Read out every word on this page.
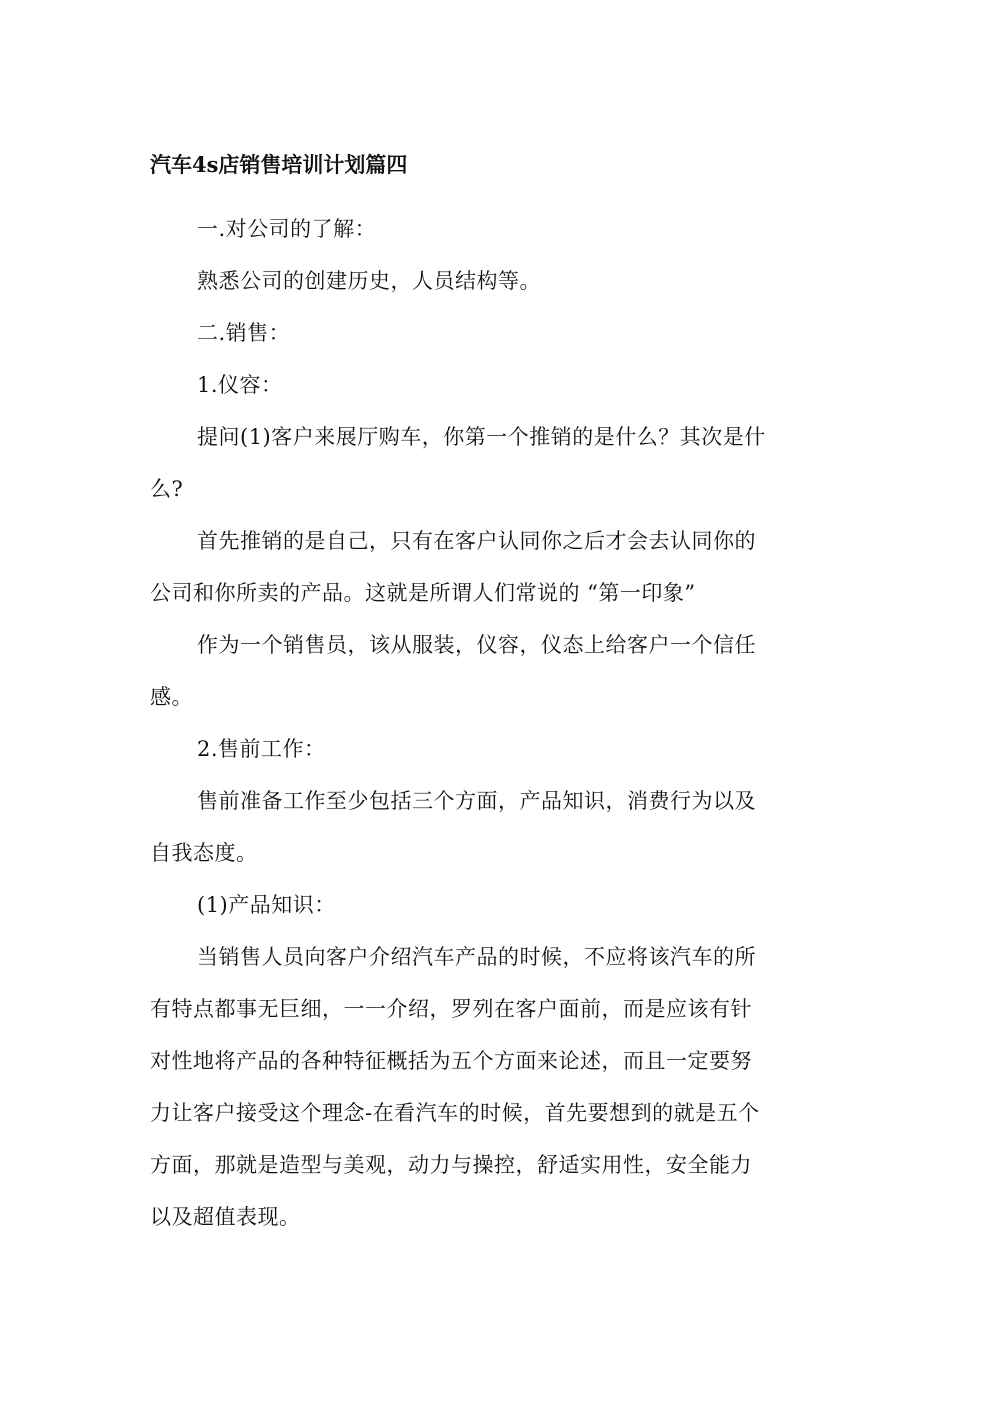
汽车4s店销售培训计划篇四
一.对公司的了解：
熟悉公司的创建历史，人员结构等。
二.销售：
1.仪容：
提问(1)客户来展厅购车，你第一个推销的是什么？其次是什
么?
首先推销的是自己，只有在客户认同你之后才会去认同你的
公司和你所卖的产品。这就是所谓人们常说的 “第一印象”
作为一个销售员，该从服装，仪容，仪态上给客户一个信任
感。
2.售前工作：
售前准备工作至少包括三个方面，产品知识，消费行为以及
自我态度。
(1)产品知识：
当销售人员向客户介绍汽车产品的时候，不应将该汽车的所
有特点都事无巨细，一一介绍，罗列在客户面前，而是应该有针
对性地将产品的各种特征概括为五个方面来论述，而且一定要努
力让客户接受这个理念-在看汽车的时候，首先要想到的就是五个
方面，那就是造型与美观，动力与操控，舒适实用性，安全能力
以及超值表现。
